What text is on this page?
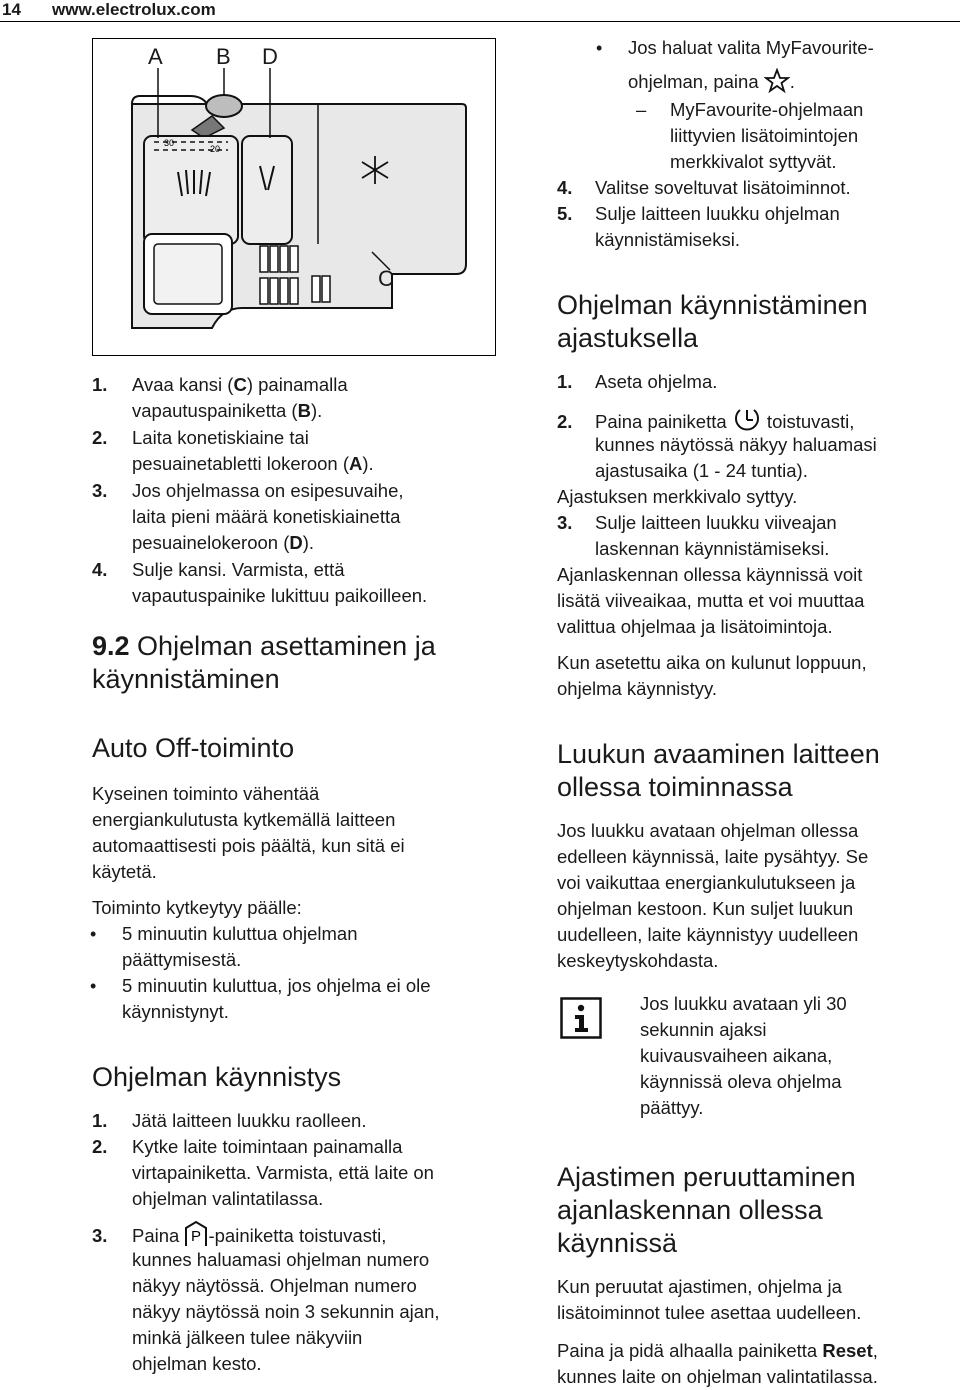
14 www.electrolux.com
30
20
A B D
C
1. Avaa kansi (C) painamalla
vapautuspainiketta (B).
2. Laita konetiskiaine tai
pesuainetabletti lokeroon (A).
3. Jos ohjelmassa on esipesuvaihe,
laita pieni määrä konetiskiainetta
pesuainelokeroon (D).
4. Sulje kansi. Varmista, että
vapautuspainike lukittuu paikoilleen.
9.2 Ohjelman asettaminen ja
käynnistäminen
Auto Off-toiminto
Kyseinen toiminto vähentää
energiankulutusta kytkemällä laitteen
automaattisesti pois päältä, kun sitä ei
käytetä.
Toiminto kytkeytyy päälle:
• 5 minuutin kuluttua ohjelman
päättymisestä.
• 5 minuutin kuluttua, jos ohjelma ei ole
käynnistynyt.
Ohjelman käynnistys
1. Jätä laitteen luukku raolleen.
2. Kytke laite toimintaan painamalla
virtapainiketta. Varmista, että laite on
ohjelman valintatilassa.
3. Paina P -painiketta toistuvasti,
kunnes haluamasi ohjelman numero
näkyy näytössä. Ohjelman numero
näkyy näytössä noin 3 sekunnin ajan,
minkä jälkeen tulee näkyviin
ohjelman kesto.
• Jos haluat valita MyFavourite-
ohjelman, paina .
– MyFavourite-ohjelmaan
liittyvien lisätoimintojen
merkkivalot syttyvät.
4. Valitse soveltuvat lisätoiminnot.
5. Sulje laitteen luukku ohjelman
käynnistämiseksi.
Ohjelman käynnistäminen
ajastuksella
1. Aseta ohjelma.
2. Paina painiketta  toistuvasti,
kunnes näytössä näkyy haluamasi
ajastusaika (1 - 24 tuntia).
Ajastuksen merkkivalo syttyy.
3. Sulje laitteen luukku viiveajan
laskennan käynnistämiseksi.
Ajanlaskennan ollessa käynnissä voit
lisätä viiveaikaa, mutta et voi muuttaa
valittua ohjelmaa ja lisätoimintoja.
Kun asetettu aika on kulunut loppuun,
ohjelma käynnistyy.
Luukun avaaminen laitteen
ollessa toiminnassa
Jos luukku avataan ohjelman ollessa
edelleen käynnissä, laite pysähtyy. Se
voi vaikuttaa energiankulutukseen ja
ohjelman kestoon. Kun suljet luukun
uudelleen, laite käynnistyy uudelleen
keskeytyskohdasta.
Jos luukku avataan yli 30
sekunnin ajaksi
kuivausvaiheen aikana,
käynnissä oleva ohjelma
päättyy.
Ajastimen peruuttaminen
ajanlaskennan ollessa
käynnissä
Kun peruutat ajastimen, ohjelma ja
lisätoiminnot tulee asettaa uudelleen.
Paina ja pidä alhaalla painiketta Reset,
kunnes laite on ohjelman valintatilassa.
